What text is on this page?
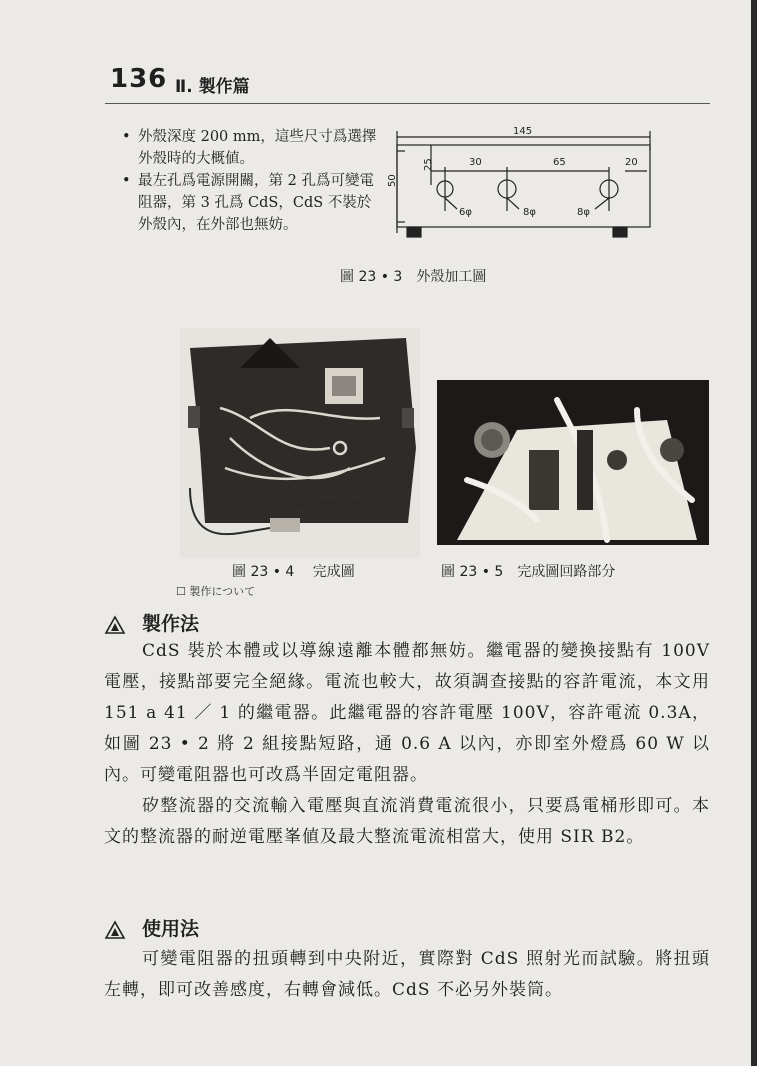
136 Ⅱ. 製作篇
• 外殼深度 200 mm，這些尺寸爲選擇外殼時的大概値。
• 最左孔爲電源開關，第 2 孔爲可變電阻器，第 3 孔爲 CdS，CdS 不裝於外殼內，在外部也無妨。
145
50
25	30	65	20
6φ	8φ	8φ
圖 23 • 3　外殼加工圖
圖 23 • 4　 完成圖	圖 23 • 5　完成圖回路部分
☐ 製作について
製作法

CdS 裝於本體或以導線遠離本體都無妨。繼電器的變換接點有 100V 電壓，接點部要完全絕緣。電流也較大，故須調查接點的容許電流，本文用 151 a 41 ／ 1 的繼電器。此繼電器的容許電壓 100V，容許電流 0.3A，如圖 23 • 2 將 2 組接點短路，通 0.6 A 以內，亦即室外燈爲 60 W 以內。可變電阻器也可改爲半固定電阻器。

矽整流器的交流輸入電壓與直流消費電流很小，只要爲電桶形即可。本文的整流器的耐逆電壓峯値及最大整流電流相當大，使用 SIR B2。

使用法

可變電阻器的扭頭轉到中央附近，實際對 CdS 照射光而試驗。將扭頭左轉，即可改善感度，右轉會減低。CdS 不必另外裝筒。
